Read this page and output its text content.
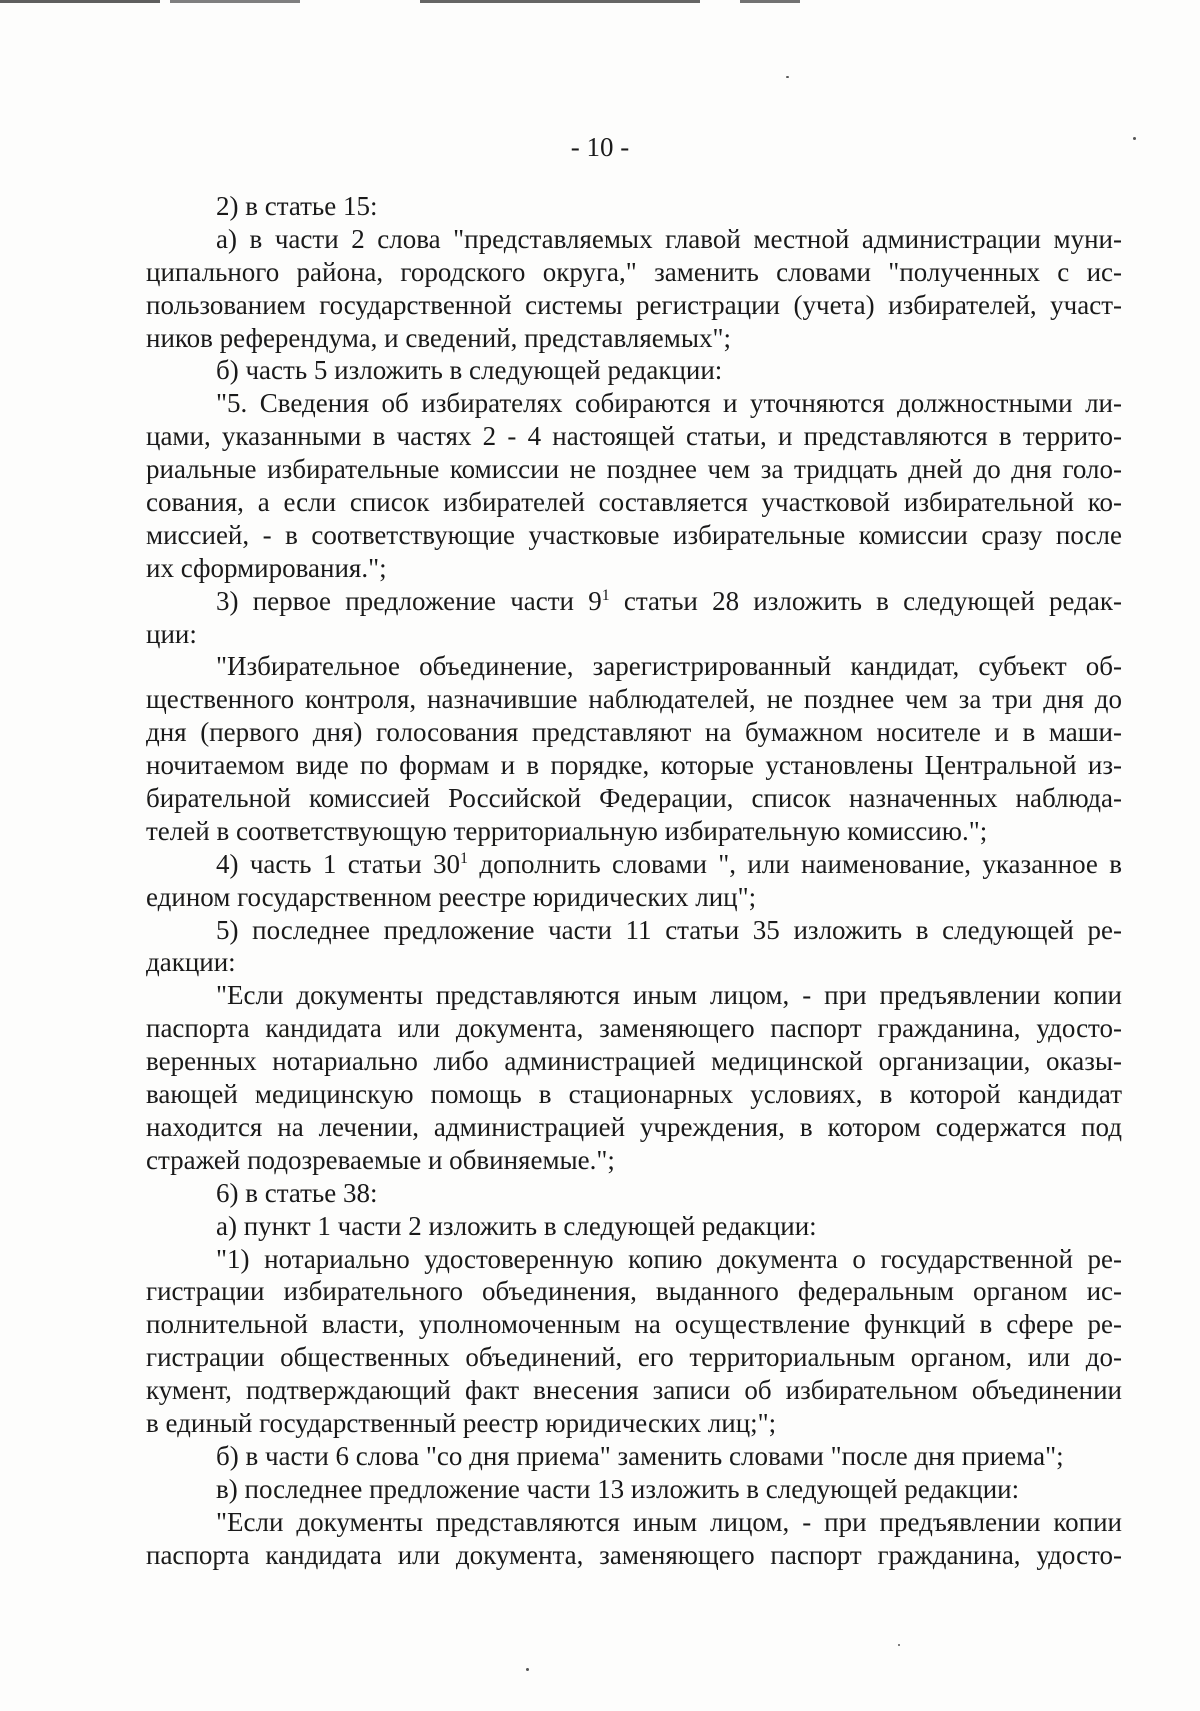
- 10 -
2) в статье 15:
а) в части 2 слова "представляемых главой местной администрации муни-
ципального района, городского округа," заменить словами "полученных с ис-
пользованием государственной системы регистрации (учета) избирателей, участ-
ников референдума, и сведений, представляемых";
б) часть 5 изложить в следующей редакции:
"5. Сведения об избирателях собираются и уточняются должностными ли-
цами, указанными в частях 2 - 4 настоящей статьи, и представляются в террито-
риальные избирательные комиссии не позднее чем за тридцать дней до дня голо-
сования, а если список избирателей составляется участковой избирательной ко-
миссией, - в соответствующие участковые избирательные комиссии сразу после
их сформирования.";
3) первое предложение части $9^1$ статьи 28 изложить в следующей редак-
ции:
"Избирательное объединение, зарегистрированный кандидат, субъект об-
щественного контроля, назначившие наблюдателей, не позднее чем за три дня до
дня (первого дня) голосования представляют на бумажном носителе и в маши-
ночитаемом виде по формам и в порядке, которые установлены Центральной из-
бирательной комиссией Российской Федерации, список назначенных наблюда-
телей в соответствующую территориальную избирательную комиссию.";
4) часть 1 статьи $30^1$ дополнить словами ", или наименование, указанное в
едином государственном реестре юридических лиц";
5) последнее предложение части 11 статьи 35 изложить в следующей ре-
дакции:
"Если документы представляются иным лицом, - при предъявлении копии
паспорта кандидата или документа, заменяющего паспорт гражданина, удосто-
веренных нотариально либо администрацией медицинской организации, оказы-
вающей медицинскую помощь в стационарных условиях, в которой кандидат
находится на лечении, администрацией учреждения, в котором содержатся под
стражей подозреваемые и обвиняемые.";
6) в статье 38:
а) пункт 1 части 2 изложить в следующей редакции:
"1) нотариально удостоверенную копию документа о государственной ре-
гистрации избирательного объединения, выданного федеральным органом ис-
полнительной власти, уполномоченным на осуществление функций в сфере ре-
гистрации общественных объединений, его территориальным органом, или до-
кумент, подтверждающий факт внесения записи об избирательном объединении
в единый государственный реестр юридических лиц;";
б) в части 6 слова "со дня приема" заменить словами "после дня приема";
в) последнее предложение части 13 изложить в следующей редакции:
"Если документы представляются иным лицом, - при предъявлении копии
паспорта кандидата или документа, заменяющего паспорт гражданина, удосто-
